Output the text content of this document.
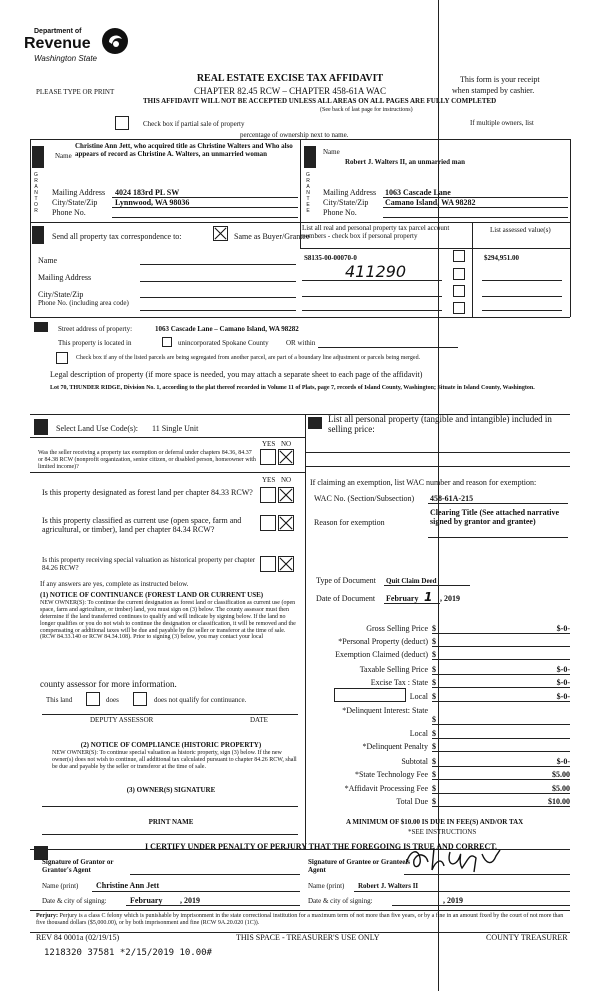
Department of
Revenue
Washington State
PLEASE TYPE OR PRINT
REAL ESTATE EXCISE TAX AFFIDAVIT
CHAPTER 82.45 RCW – CHAPTER 458-61A WAC
THIS AFFIDAVIT WILL NOT BE ACCEPTED UNLESS ALL AREAS ON ALL PAGES ARE FULLY COMPLETED
(See back of last page for instructions)
This form is your receipt
when stamped by cashier.
Check box if partial sale of property	If multiple owners, list
percentage of ownership next to name.
G
R
A
N
T
O
R
Name
Christine Ann Jett, who acquired title as Christine Walters and Who also appears of record as Christine A. Walters, an unmarried woman
Mailing Address 4024 183rd PL SW
City/State/Zip Lynnwood, WA 98036
Phone No.
G
R
A
N
T
E
E
Name
Robert J. Walters II, an unmarried man
Mailing Address 1063 Cascade Lane
City/State/Zip Camano Island, WA 98282
Phone No.
Send all property tax correspondence to:	Same as Buyer/Grantee
List all real and personal property tax parcel account numbers - check box if personal property
List assessed value(s)
Name
Mailing Address
City/State/Zip
Phone No. (including area code)
S8135-00-00070-0
411290
$294,951.00
Street address of property:	1063 Cascade Lane – Camano Island, WA 98282
This property is located in	unincorporated Spokane County OR within
Check box if any of the listed parcels are being segregated from another parcel, are part of a boundary line adjustment or parcels being merged.
Legal description of property (if more space is needed, you may attach a separate sheet to each page of the affidavit)
Lot 70, THUNDER RIDGE, Division No. 1, according to the plat thereof recorded in Volume 11 of Plats, page 7, records of Island County, Washington; Situate in Island County, Washington.
Select Land Use Code(s): 11 Single Unit
YES NO
Was the seller receiving a property tax exemption or deferral under chapters 84.36, 84.37 or 84.38 RCW (nonprofit organization, senior citizen, or disabled person, homeowner with limited income)?
YES NO
Is this property designated as forest land per chapter 84.33 RCW?
Is this property classified as current use (open space, farm and agricultural, or timber), land per chapter 84.34 RCW?
Is this property receiving special valuation as historical property per chapter 84.26 RCW?
If any answers are yes, complete as instructed below.
(1) NOTICE OF CONTINUANCE (FOREST LAND OR CURRENT USE)
NEW OWNER(S): To continue the current designation as forest land or classification as current use (open space, farm and agriculture, or timber) land, you must sign on (3) below. The county assessor must then determine if the land transferred continues to qualify and will indicate by signing below. If the land no longer qualifies or you do not wish to continue the designation or classification, it will be removed and the compensating or additional taxes will be due and payable by the seller or transferor at the time of sale. (RCW 84.33.140 or RCW 84.34.108). Prior to signing (3) below, you may contact your local
county assessor for more information.
This land	does	does not qualify for continuance.
DEPUTY ASSESSOR	DATE
(2) NOTICE OF COMPLIANCE (HISTORIC PROPERTY)
NEW OWNER(S): To continue special valuation as historic property, sign (3) below. If the new owner(s) does not wish to continue, all additional tax calculated pursuant to chapter 84.26 RCW, shall be due and payable by the seller or transferor at the time of sale.
(3) OWNER(S) SIGNATURE
PRINT NAME
List all personal property (tangible and intangible) included in selling price:
If claiming an exemption, list WAC number and reason for exemption:
WAC No. (Section/Subsection) 458-61A-215
Reason for exemption
Clearing Title (See attached narrative signed by grantor and grantee)
Type of Document Quit Claim Deed
Date of Document February 1 , 2019
Gross Selling Price $	$-0-
*Personal Property (deduct) $
Exemption Claimed (deduct) $
Taxable Selling Price $	$-0-
Excise Tax : State $	$-0-
Local $	$-0-
*Delinquent Interest: State
$
Local $
*Delinquent Penalty $
Subtotal $	$-0-
*State Technology Fee $	$5.00
*Affidavit Processing Fee $	$5.00
Total Due $	$10.00
A MINIMUM OF $10.00 IS DUE IN FEE(S) AND/OR TAX
*SEE INSTRUCTIONS
I CERTIFY UNDER PENALTY OF PERJURY THAT THE FOREGOING IS TRUE AND CORRECT.
Signature of Grantor or Grantor's Agent
Name (print) Christine Ann Jett
Date & city of signing:	February , 2019
Signature of Grantee or Grantee's Agent
Name (print) Robert J. Walters II
Date & city of signing:	, 2019
Perjury: Perjury is a class C felony which is punishable by imprisonment in the state correctional institution for a maximum term of not more than five years, or by a fine in an amount fixed by the court of not more than five thousand dollars ($5,000.00), or by both imprisonment and fine (RCW 9A.20.020 (1C)).
REV 84 0001a (02/19/15)	THIS SPACE - TREASURER'S USE ONLY	COUNTY TREASURER
1218320 37581 *2/15/2019 10.00#
